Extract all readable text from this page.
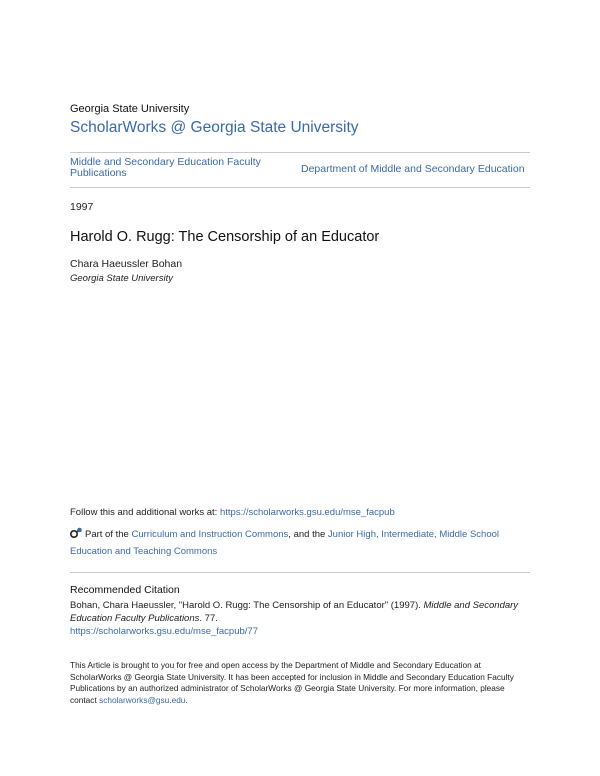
Georgia State University
ScholarWorks @ Georgia State University
Middle and Secondary Education Faculty Publications	Department of Middle and Secondary Education
1997
Harold O. Rugg: The Censorship of an Educator
Chara Haeussler Bohan
Georgia State University
Follow this and additional works at: https://scholarworks.gsu.edu/mse_facpub
Part of the Curriculum and Instruction Commons, and the Junior High, Intermediate, Middle School Education and Teaching Commons
Recommended Citation
Bohan, Chara Haeussler, "Harold O. Rugg: The Censorship of an Educator" (1997). Middle and Secondary Education Faculty Publications. 77.
https://scholarworks.gsu.edu/mse_facpub/77
This Article is brought to you for free and open access by the Department of Middle and Secondary Education at ScholarWorks @ Georgia State University. It has been accepted for inclusion in Middle and Secondary Education Faculty Publications by an authorized administrator of ScholarWorks @ Georgia State University. For more information, please contact scholarworks@gsu.edu.
